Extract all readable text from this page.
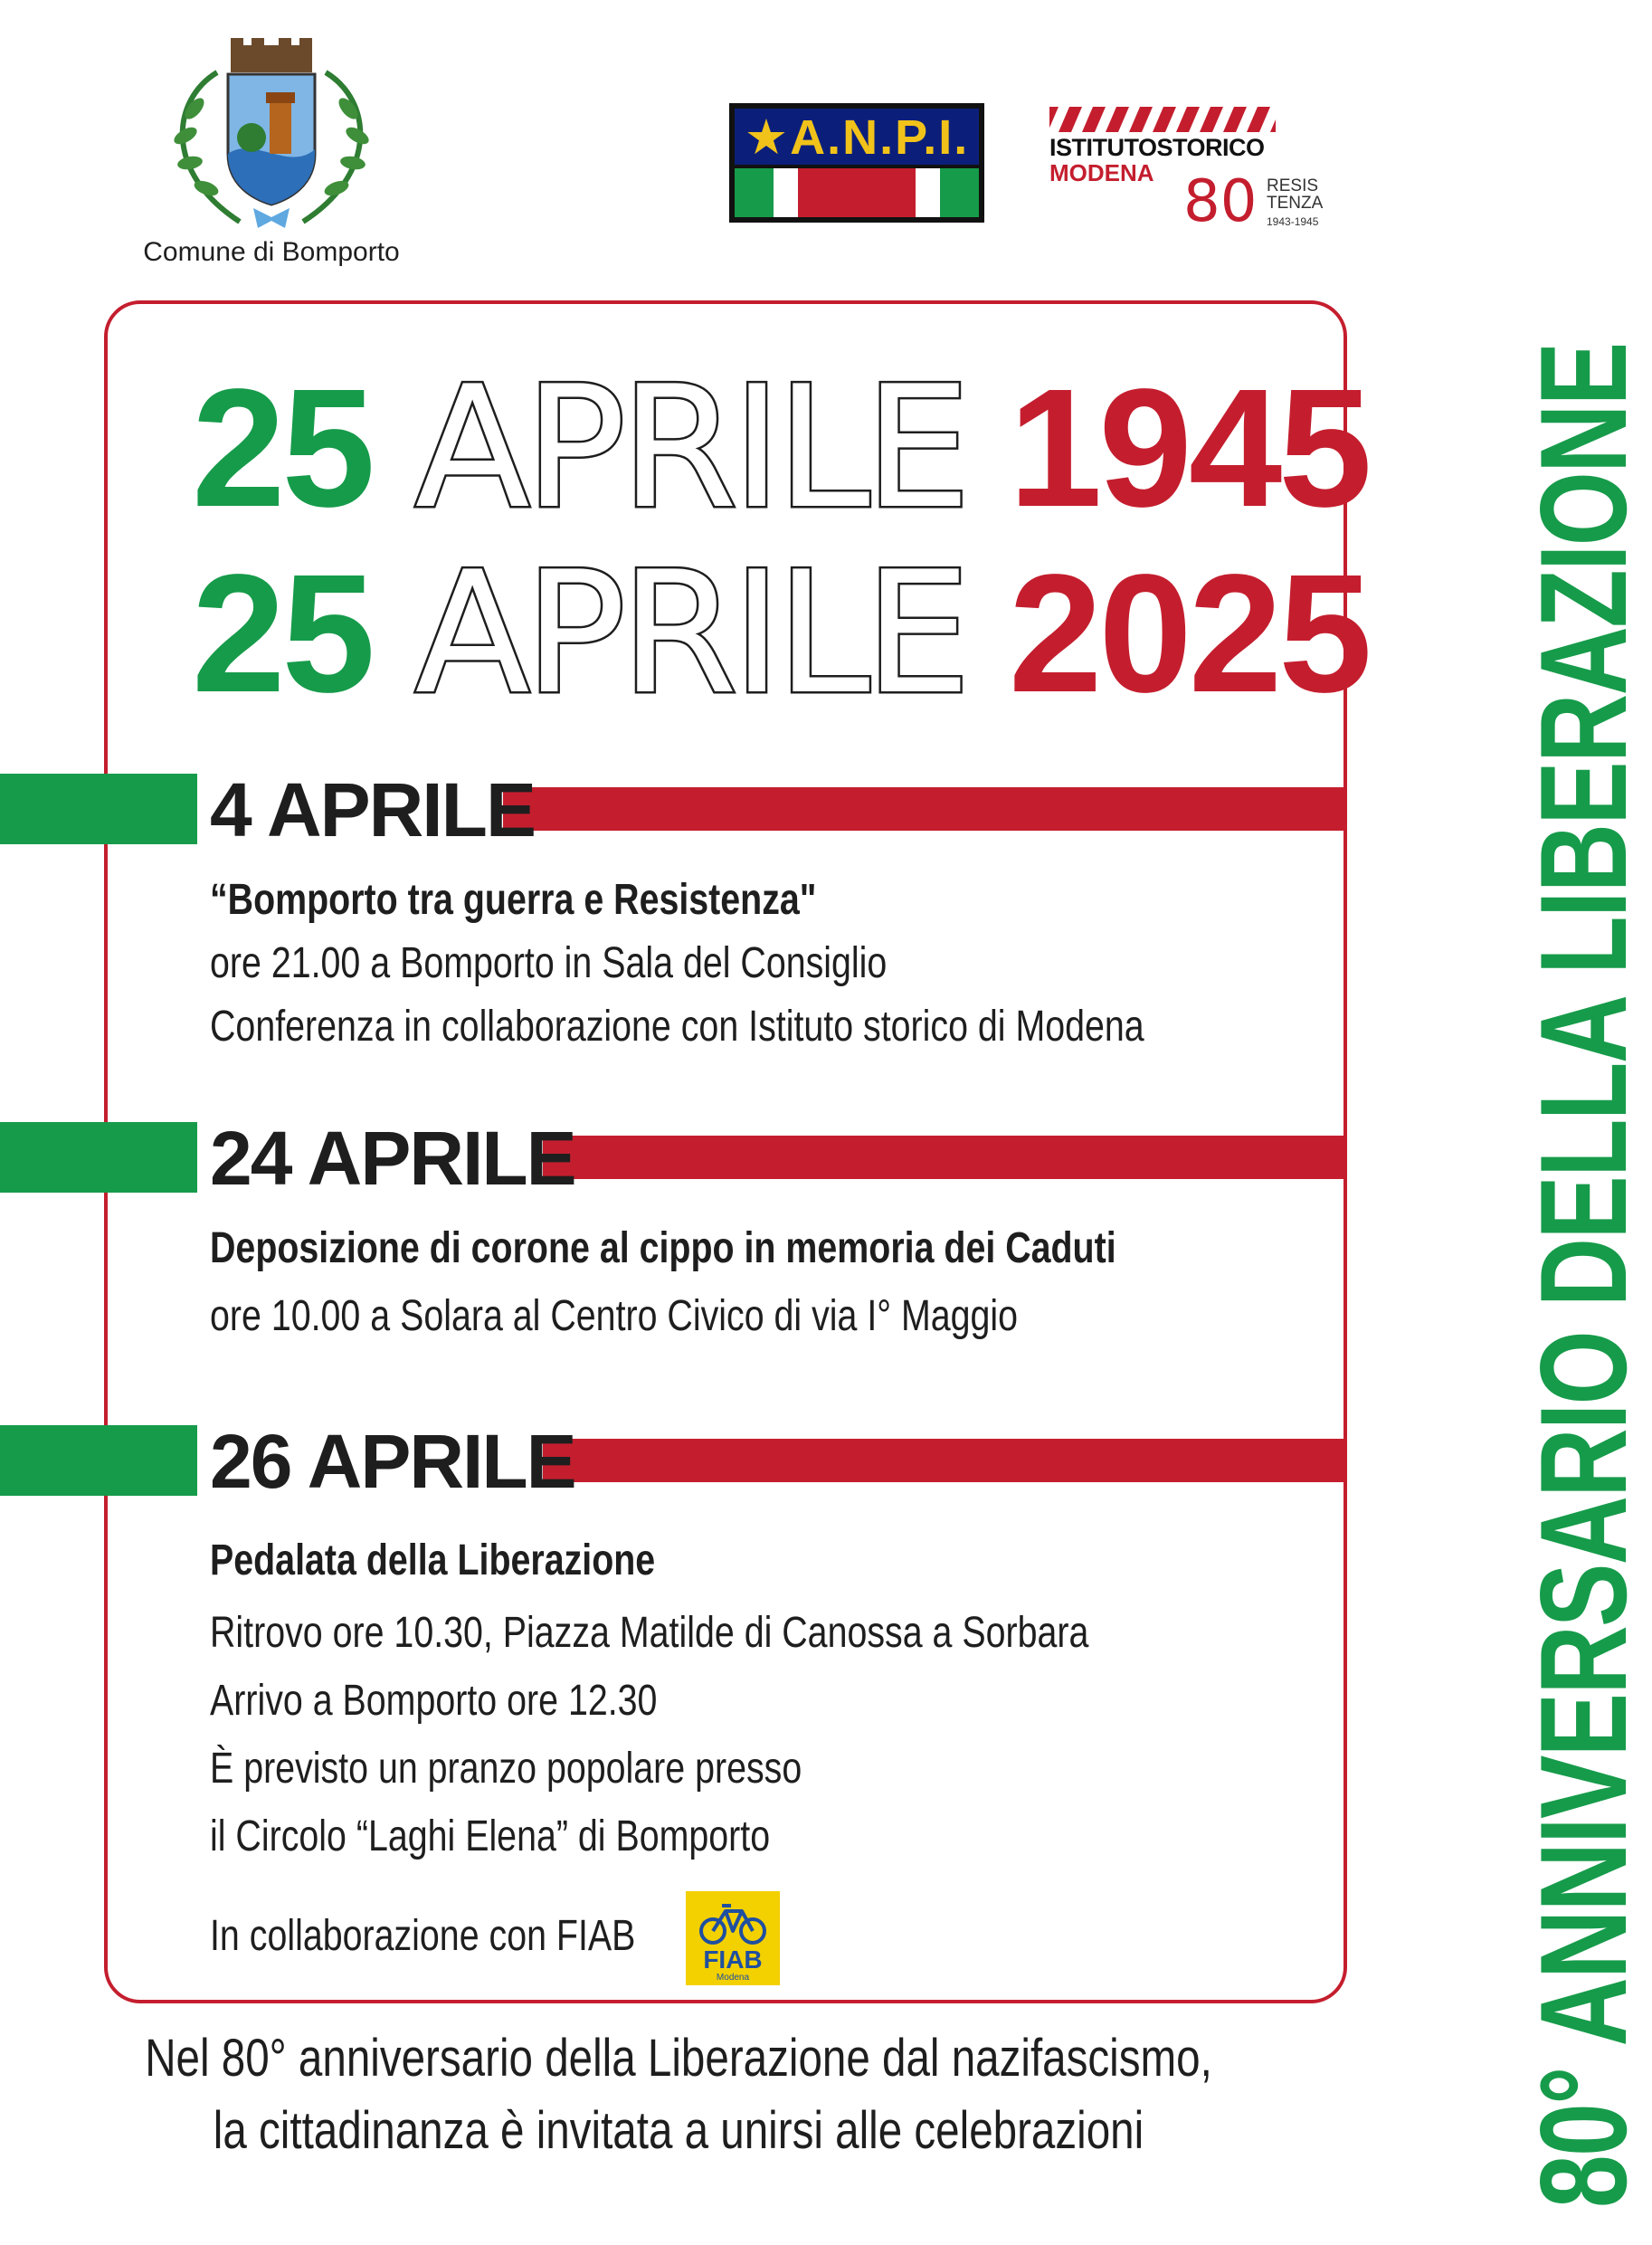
Comune di Bomporto
★A.N.P.I.	ISTITUTOSTORICO
MODENA 80 RESIS
TENZA
1943-1945
25 APRILE 1945
25 APRILE 2025
4 APRILE
“Bomporto tra guerra e Resistenza"
ore 21.00 a Bomporto in Sala del Consiglio
Conferenza in collaborazione con Istituto storico di Modena
24 APRILE
Deposizione di corone al cippo in memoria dei Caduti
ore 10.00 a Solara al Centro Civico di via I° Maggio
26 APRILE
Pedalata della Liberazione
Ritrovo ore 10.30, Piazza Matilde di Canossa a Sorbara
Arrivo a Bomporto ore 12.30
È previsto un pranzo popolare presso
il Circolo “Laghi Elena” di Bomporto
In collaborazione con FIAB	FIAB
Modena
Nel 80° anniversario della Liberazione dal nazifascismo,
la cittadinanza è invitata a unirsi alle celebrazioni	80° ANNIVERSARIO DELLA LIBERAZIONE
